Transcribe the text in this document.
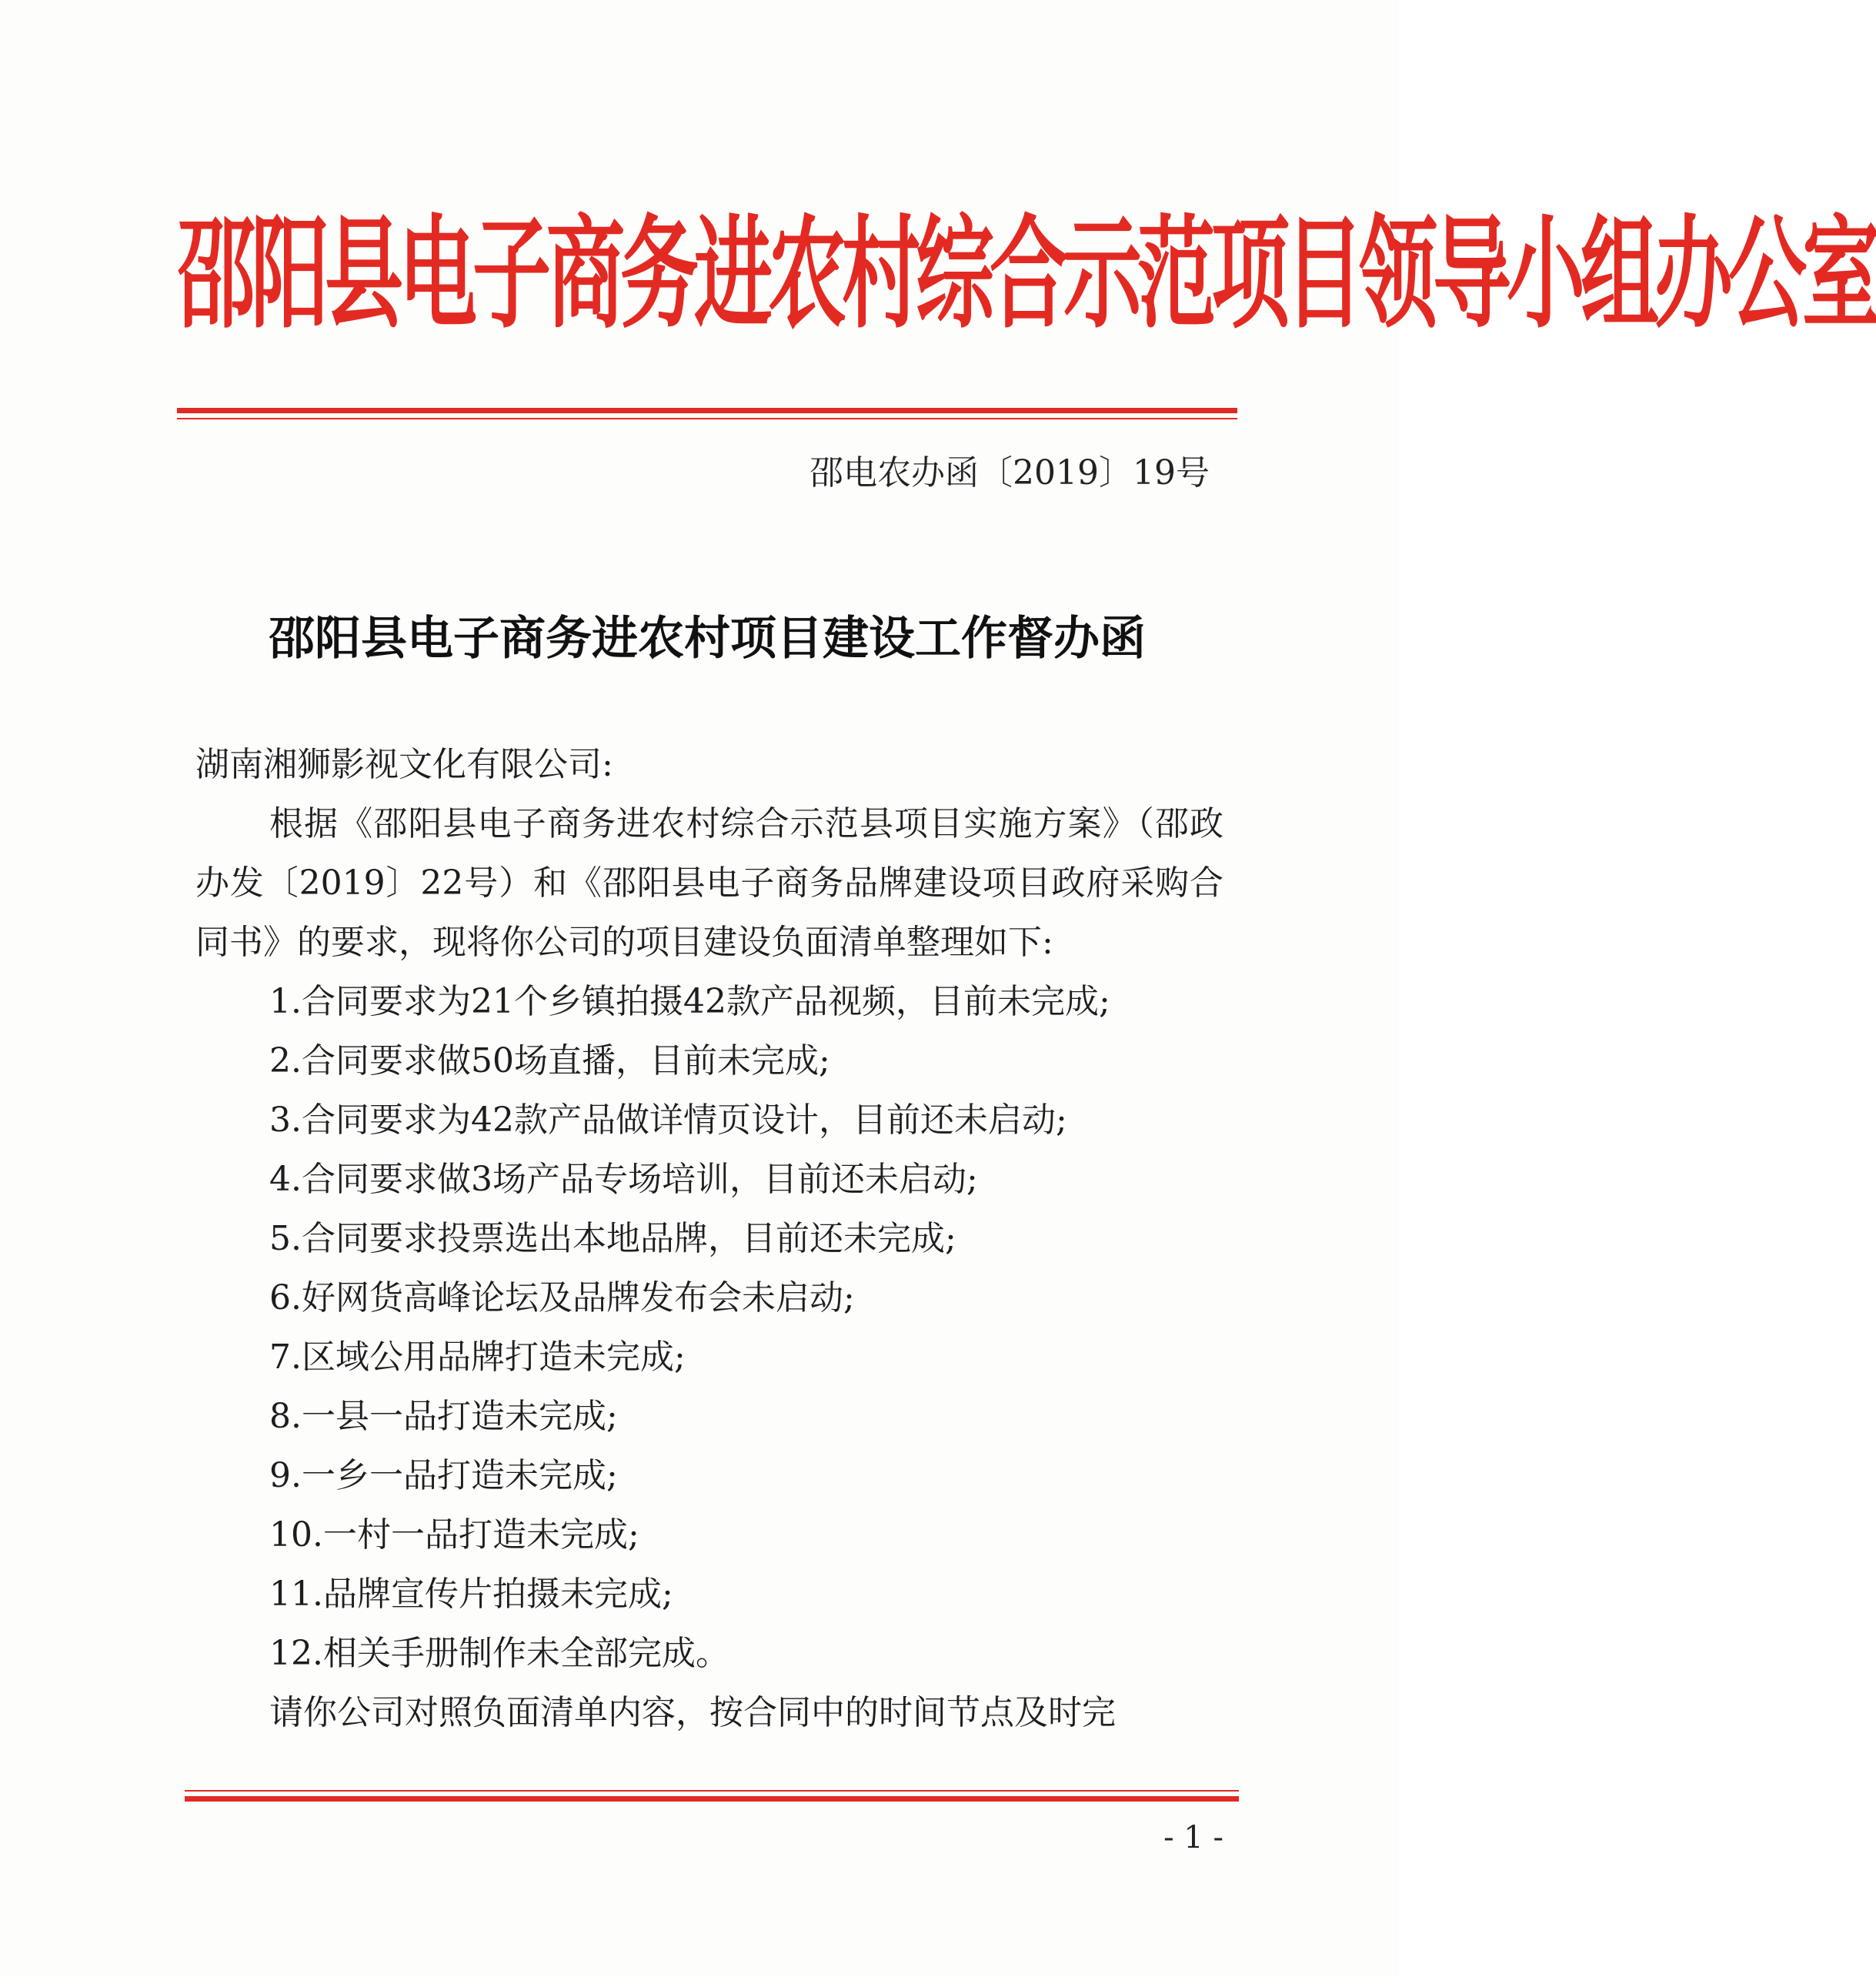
邵阳县电子商务进农村综合示范项目领导小组办公室
邵电农办函〔2019〕19号
邵阳县电子商务进农村项目建设工作督办函

湖南湘狮影视文化有限公司:

根据《邵阳县电子商务进农村综合示范县项目实施方案》（邵政办发〔2019〕22号）和《邵阳县电子商务品牌建设项目政府采购合同书》的要求，现将你公司的项目建设负面清单整理如下:

1.合同要求为21个乡镇拍摄42款产品视频，目前未完成;

2.合同要求做50场直播，目前未完成;

3.合同要求为42款产品做详情页设计，目前还未启动;

4.合同要求做3场产品专场培训，目前还未启动;

5.合同要求投票选出本地品牌，目前还未完成;

6.好网货高峰论坛及品牌发布会未启动;

7.区域公用品牌打造未完成;

8.一县一品打造未完成;

9.一乡一品打造未完成;

10.一村一品打造未完成;

11.品牌宣传片拍摄未完成;

12.相关手册制作未全部完成。

请你公司对照负面清单内容，按合同中的时间节点及时完

- 1 -
